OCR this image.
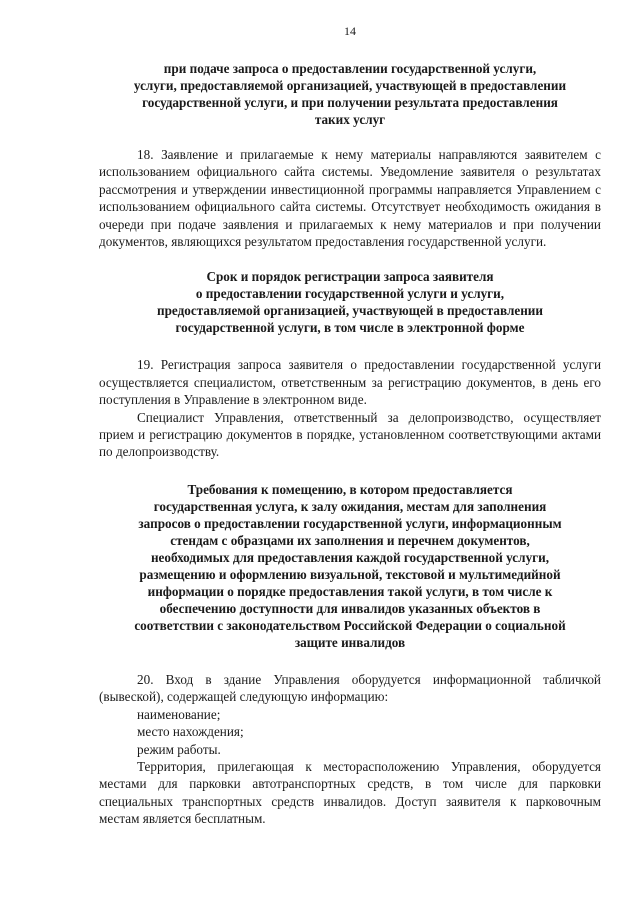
14
при подаче запроса о предоставлении государственной услуги,
услуги, предоставляемой организацией, участвующей в предоставлении
государственной услуги, и при получении результата предоставления
таких услуг
18. Заявление и прилагаемые к нему материалы направляются заявителем с использованием официального сайта системы. Уведомление заявителя о результатах рассмотрения и утверждении инвестиционной программы направляется Управлением с использованием официального сайта системы. Отсутствует необходимость ожидания в очереди при подаче заявления и прилагаемых к нему материалов и при получении документов, являющихся результатом предоставления государственной услуги.
Срок и порядок регистрации запроса заявителя
о предоставлении государственной услуги и услуги,
предоставляемой организацией, участвующей в предоставлении
государственной услуги, в том числе в электронной форме
19. Регистрация запроса заявителя о предоставлении государственной услуги осуществляется специалистом, ответственным за регистрацию документов, в день его поступления в Управление в электронном виде.
Специалист Управления, ответственный за делопроизводство, осуществляет прием и регистрацию документов в порядке, установленном соответствующими актами по делопроизводству.
Требования к помещению, в котором предоставляется
государственная услуга, к залу ожидания, местам для заполнения
запросов о предоставлении государственной услуги, информационным
стендам с образцами их заполнения и перечнем документов,
необходимых для предоставления каждой государственной услуги,
размещению и оформлению визуальной, текстовой и мультимедийной
информации о порядке предоставления такой услуги, в том числе к
обеспечению доступности для инвалидов указанных объектов в
соответствии с законодательством Российской Федерации о социальной
защите инвалидов
20. Вход в здание Управления оборудуется информационной табличкой (вывеской), содержащей следующую информацию:
наименование;
место нахождения;
режим работы.
Территория, прилегающая к месторасположению Управления, оборудуется местами для парковки автотранспортных средств, в том числе для парковки специальных транспортных средств инвалидов. Доступ заявителя к парковочным местам является бесплатным.
